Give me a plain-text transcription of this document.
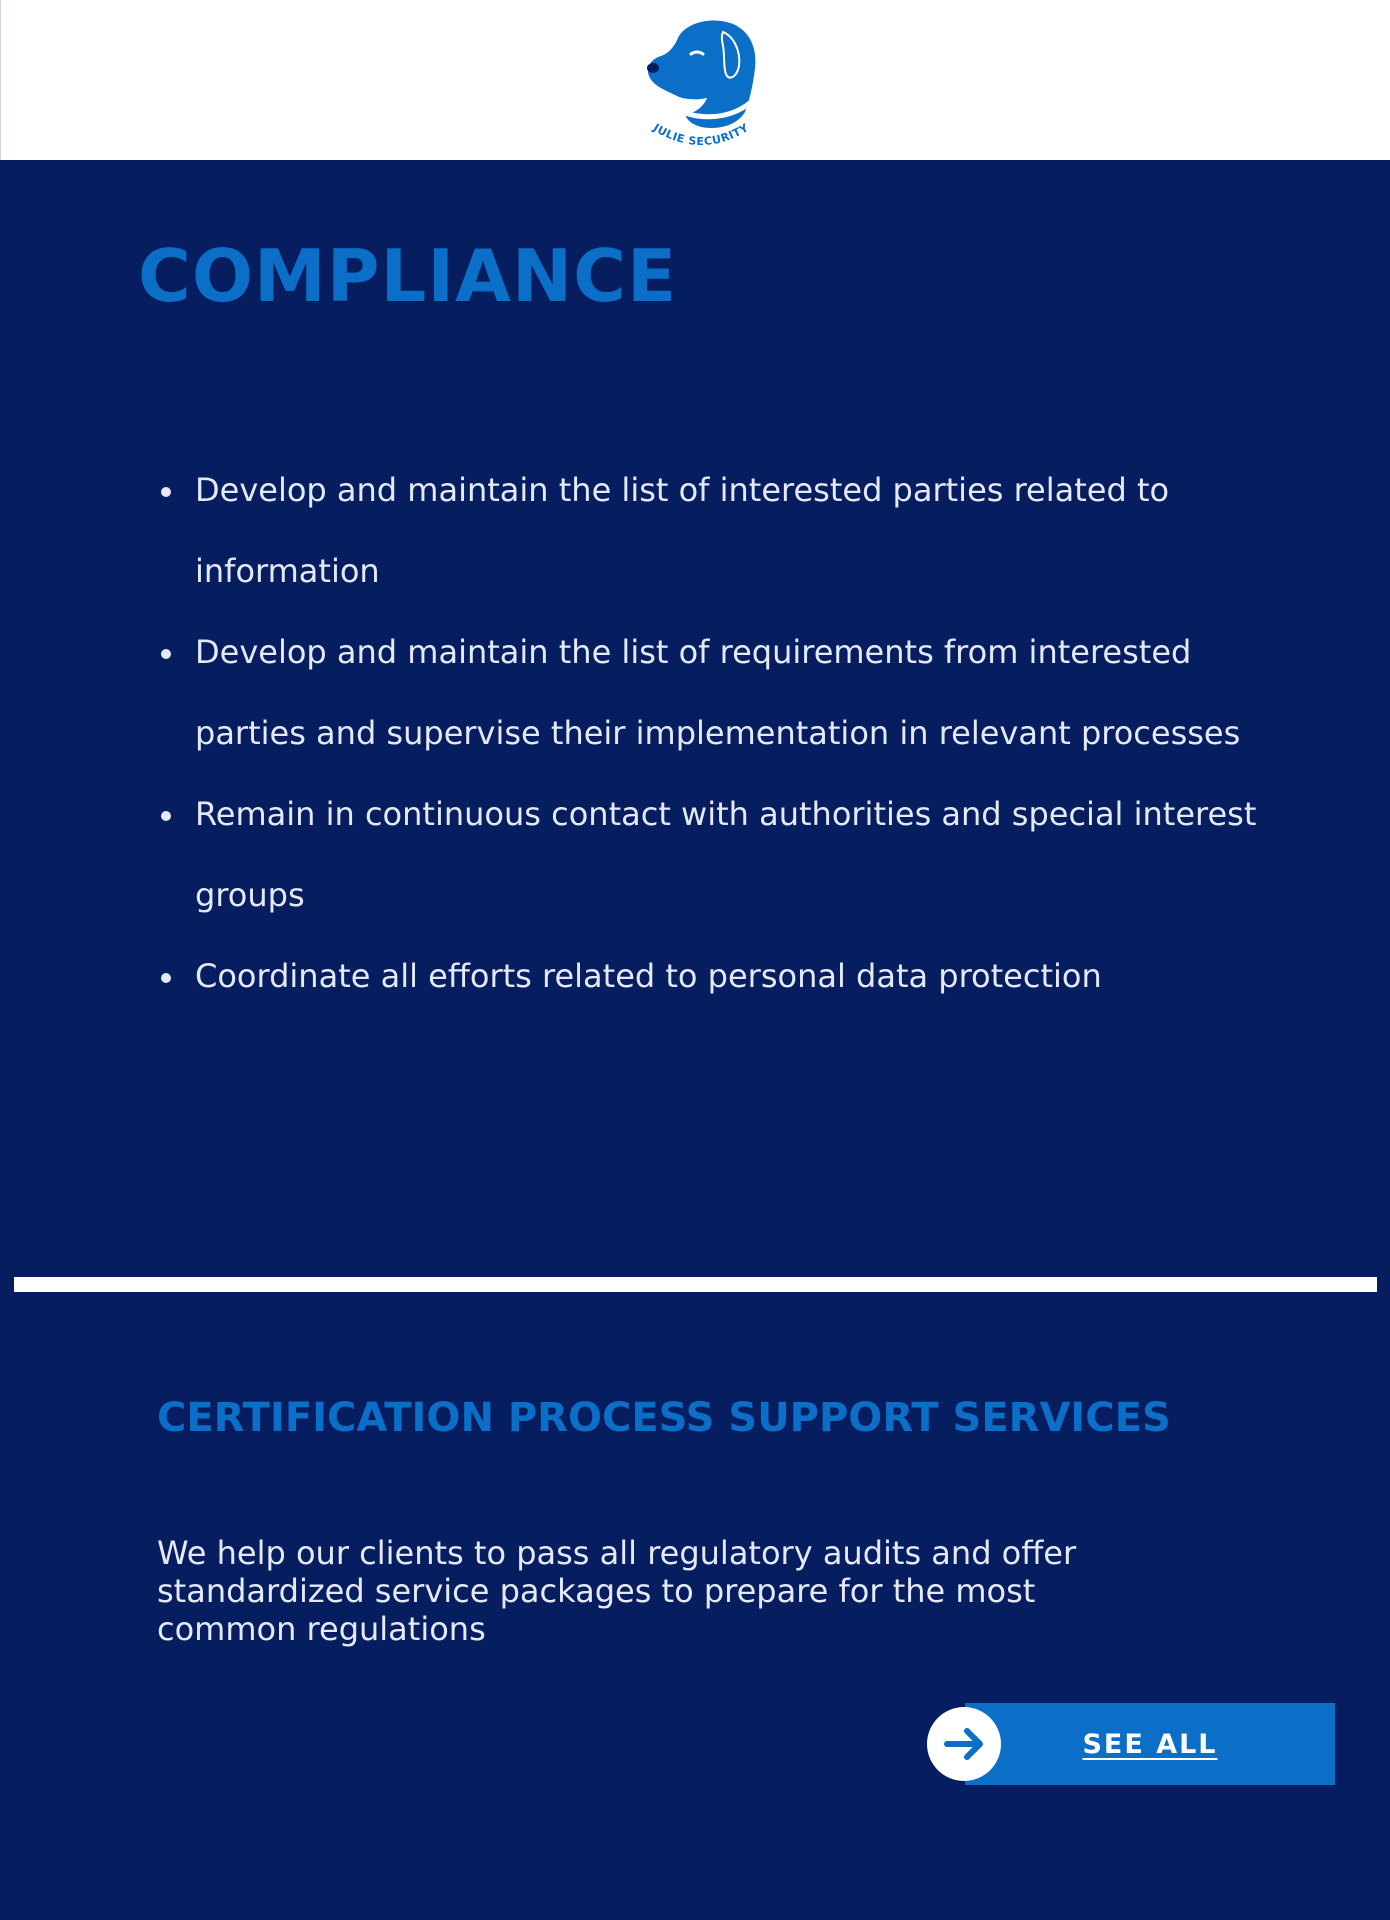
JULIE SECURITY
COMPLIANCE
Develop and maintain the list of interested parties related to information
Develop and maintain the list of requirements from interested parties and supervise their implementation in relevant processes
Remain in continuous contact with authorities and special interest groups
Coordinate all efforts related to personal data protection
CERTIFICATION PROCESS SUPPORT SERVICES

We help our clients to pass all regulatory audits and offer standardized service packages to prepare for the most common regulations

SEE ALL
